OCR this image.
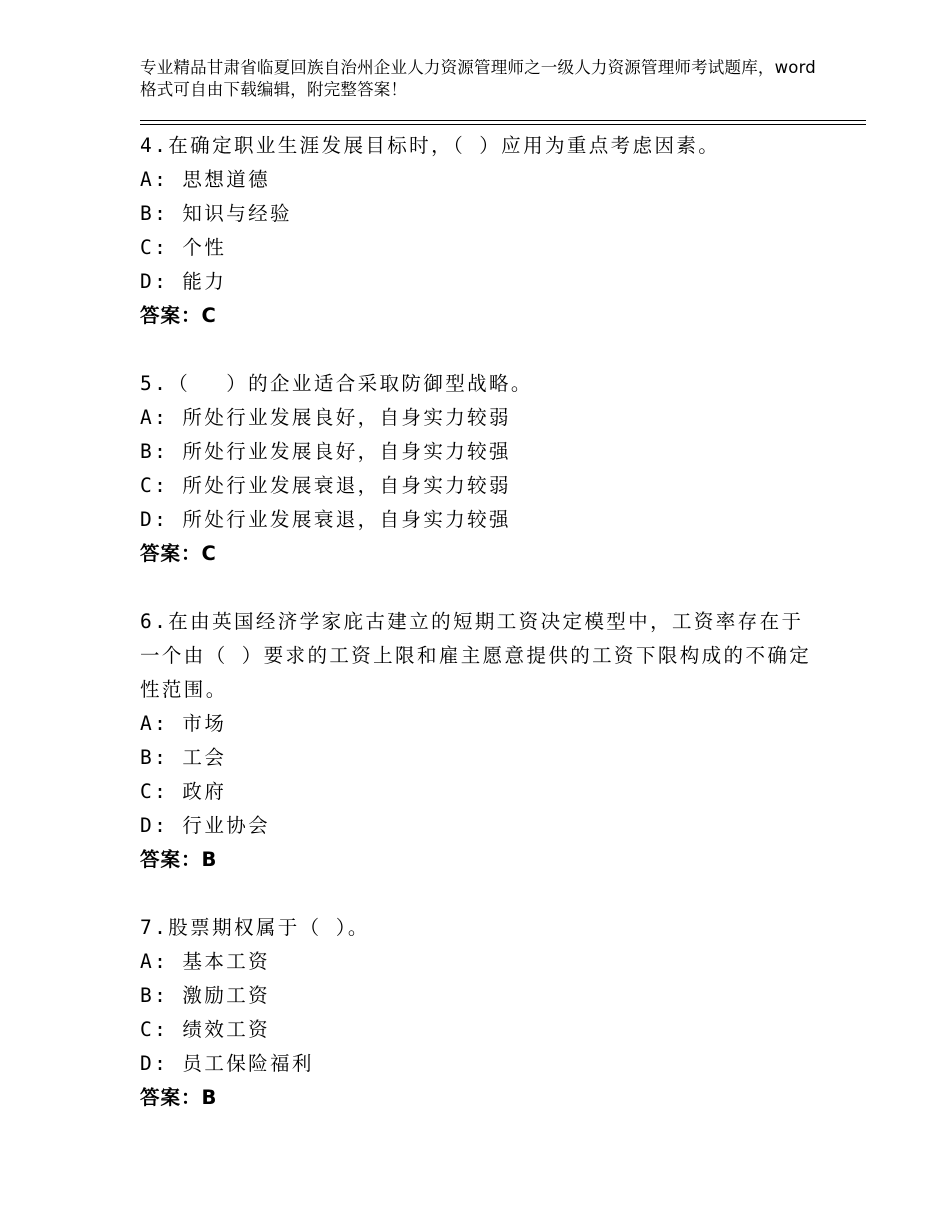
专业精品甘肃省临夏回族自治州企业人力资源管理师之一级人力资源管理师考试题库，word格式可自由下载编辑，附完整答案！
4.在确定职业生涯发展目标时，（ ）应用为重点考虑因素。
A: 思想道德
B: 知识与经验
C: 个性
D: 能力
答案：C
5.（　 ）的企业适合采取防御型战略。
A: 所处行业发展良好，自身实力较弱
B: 所处行业发展良好，自身实力较强
C: 所处行业发展衰退，自身实力较弱
D: 所处行业发展衰退，自身实力较强
答案：C
6.在由英国经济学家庇古建立的短期工资决定模型中，工资率存在于
一个由（ ）要求的工资上限和雇主愿意提供的工资下限构成的不确定
性范围。
A: 市场
B: 工会
C: 政府
D: 行业协会
答案：B
7.股票期权属于（ ）。
A: 基本工资
B: 激励工资
C: 绩效工资
D: 员工保险福利
答案：B
